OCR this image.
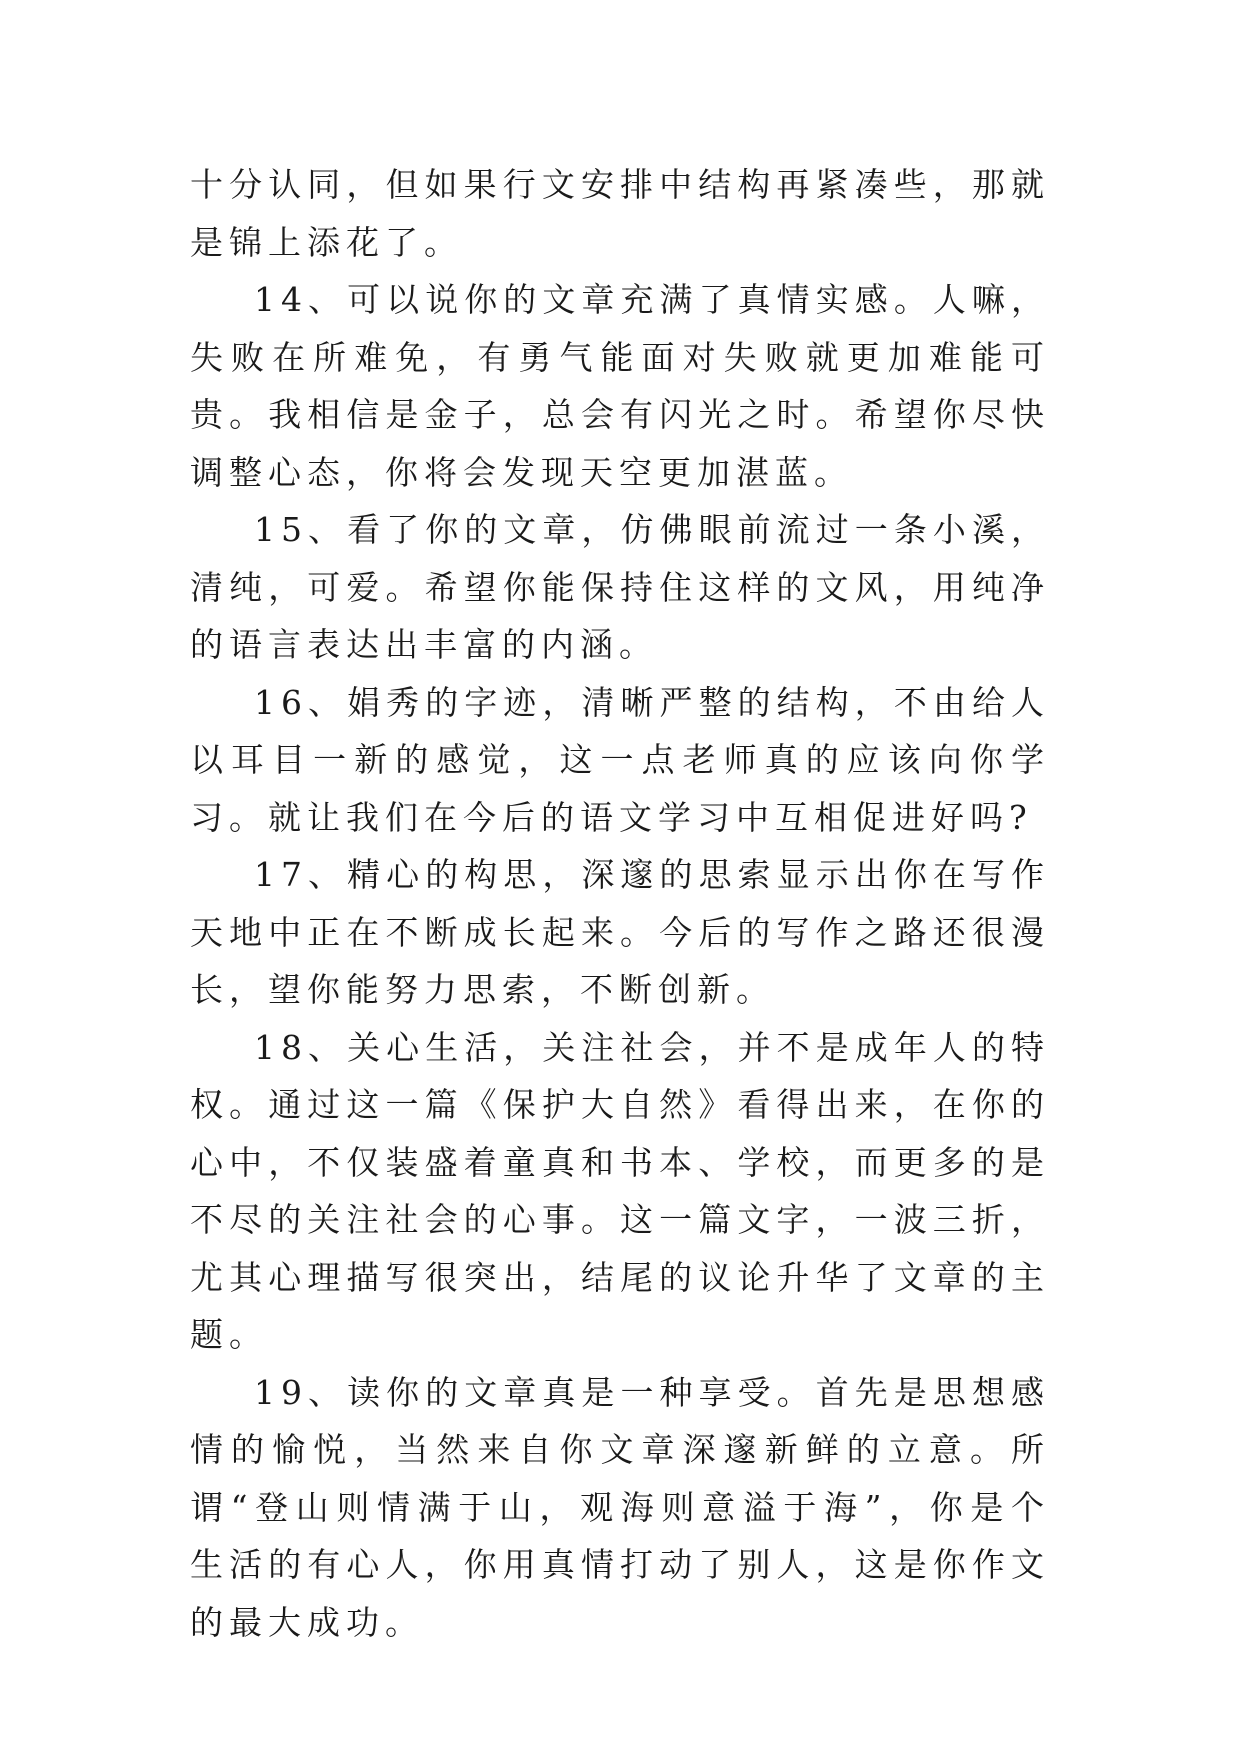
十分认同，但如果行文安排中结构再紧凑些，那就是锦上添花了。

14、可以说你的文章充满了真情实感。人嘛，失败在所难免，有勇气能面对失败就更加难能可贵。我相信是金子，总会有闪光之时。希望你尽快调整心态，你将会发现天空更加湛蓝。

15、看了你的文章，仿佛眼前流过一条小溪，清纯，可爱。希望你能保持住这样的文风，用纯净的语言表达出丰富的内涵。

16、娟秀的字迹，清晰严整的结构，不由给人以耳目一新的感觉，这一点老师真的应该向你学习。就让我们在今后的语文学习中互相促进好吗?

17、精心的构思，深邃的思索显示出你在写作天地中正在不断成长起来。今后的写作之路还很漫长，望你能努力思索，不断创新。

18、关心生活，关注社会，并不是成年人的特权。通过这一篇《保护大自然》看得出来，在你的心中，不仅装盛着童真和书本、学校，而更多的是不尽的关注社会的心事。这一篇文字，一波三折，尤其心理描写很突出，结尾的议论升华了文章的主题。

19、读你的文章真是一种享受。首先是思想感情的愉悦，当然来自你文章深邃新鲜的立意。所谓“登山则情满于山，观海则意溢于海”，你是个生活的有心人，你用真情打动了别人，这是你作文的最大成功。
